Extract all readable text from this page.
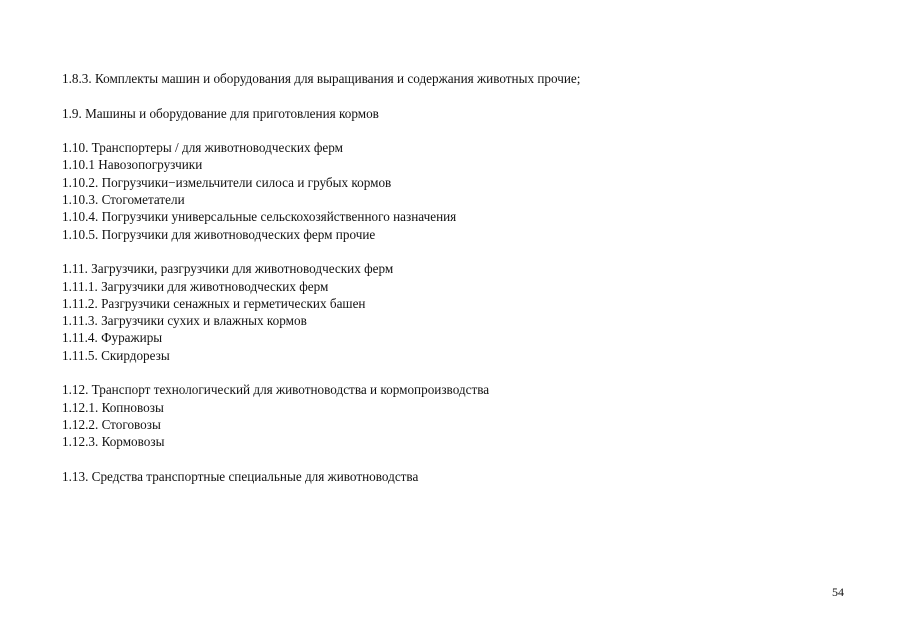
1.8.3. Комплекты машин и оборудования для выращивания и содержания животных прочие;
1.9. Машины и оборудование для приготовления кормов
1.10. Транспортеры / для животноводческих ферм
1.10.1 Навозопогрузчики
1.10.2. Погрузчики−измельчители силоса и грубых кормов
1.10.3. Стогометатели
1.10.4. Погрузчики универсальные сельскохозяйственного назначения
1.10.5. Погрузчики для животноводческих ферм прочие
1.11. Загрузчики, разгрузчики для животноводческих ферм
1.11.1. Загрузчики для животноводческих ферм
1.11.2. Разгрузчики сенажных и герметических башен
1.11.3. Загрузчики сухих и влажных кормов
1.11.4. Фуражиры
1.11.5. Скирдорезы
1.12. Транспорт технологический для животноводства и кормопроизводства
1.12.1. Копновозы
1.12.2. Стоговозы
1.12.3. Кормовозы
1.13. Средства транспортные специальные для животноводства
54
